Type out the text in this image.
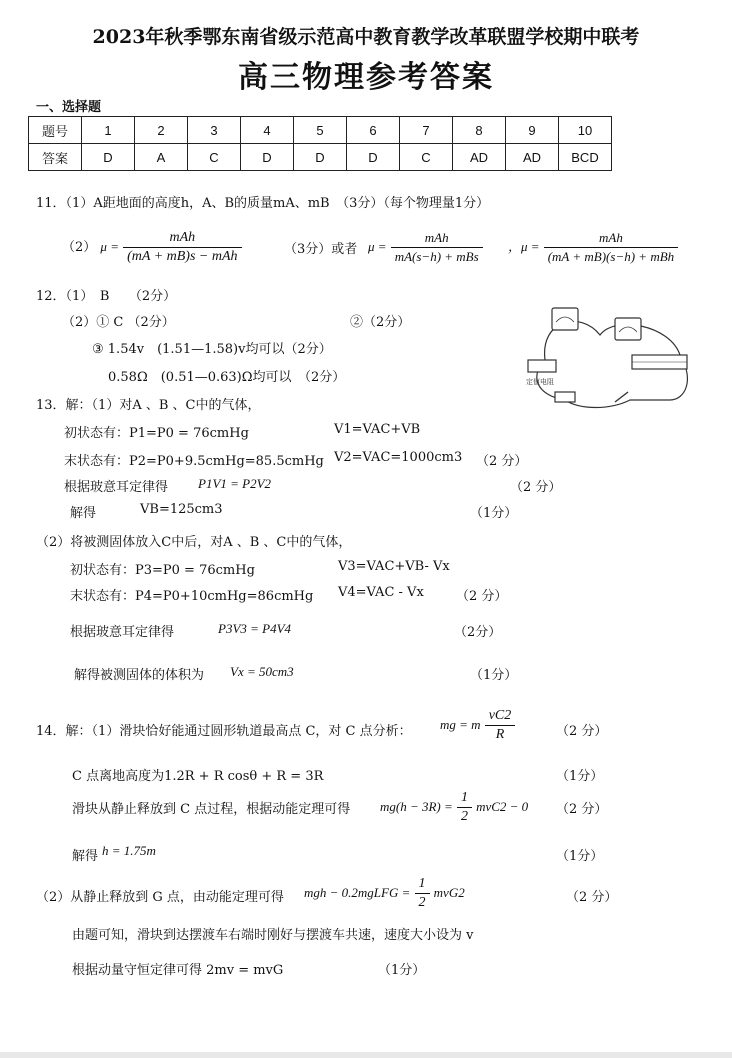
2023年秋季鄂东南省级示范高中教育教学改革联盟学校期中联考
高三物理参考答案
一、选择题
题号	1	2	3	4	5	6	7	8	9	10
答案	D	A	C	D	D	D	C	AD	AD	BCD
11．（1）A距地面的高度h，A、B的质量mA、mB　（3分）（每个物理量1分）
（2） $\mu = \frac{\text{mAh}}{\text{(mA + mB)s − mAh}}$	（3分）或者 $\mu = \frac{\text{mAh}}{\text{mA(s−h) + mBs}}$ ，$\mu = \frac{\text{mAh}}{\text{(mA + mB)(s−h) + mBh}}$
12．（1）　B　　（2分）
（2）① C （2分）	②（2分）
③ 1.54v　(1.51—1.58)v均可以（2分）
0.58Ω　(0.51—0.63)Ω均可以　（2分）	定值电阻
13．解：（1）对A 、B 、C中的气体，
初状态有：P1=P0 = 76cmHg	V1=VAC+VB
末状态有：P2=P0+9.5cmHg=85.5cmHg V2=VAC=1000cm3 （2 分）
根据玻意耳定律得 P1V1 = P2V2	（2 分）
解得	VB=125cm3	（1分）
（2）将被测固体放入C中后，对A 、B 、C中的气体，
初状态有：P3=P0 = 76cmHg	V3=VAC+VB- Vx
末状态有：P4=P0+10cmHg=86cmHg V4=VAC - Vx （2 分）
根据玻意耳定律得	P3V3 = P4V4	（2分）
解得被测固体的体积为 Vx = 50cm3	（1分）
14．解：（1）滑块恰好能通过圆形轨道最高点 C，对 C 点分析： mg = m $\frac{vC2}{R}$	（2 分）
C 点离地高度为1.2R + R cosθ + R = 3R	（1分）
滑块从静止释放到 C 点过程，根据动能定理可得 $mg(h - 3R) = \frac{1}{2} mvC2 - 0$ （2 分）
解得 h = 1.75m	（1分）
（2）从静止释放到 G 点，由动能定理可得 mgh − 0.2mgLFG = $\frac{1}{2} mvG2$	（2 分）
由题可知，滑块到达摆渡车右端时刚好与摆渡车共速，速度大小设为 v
根据动量守恒定律可得 2mv = mvG	（1分）
